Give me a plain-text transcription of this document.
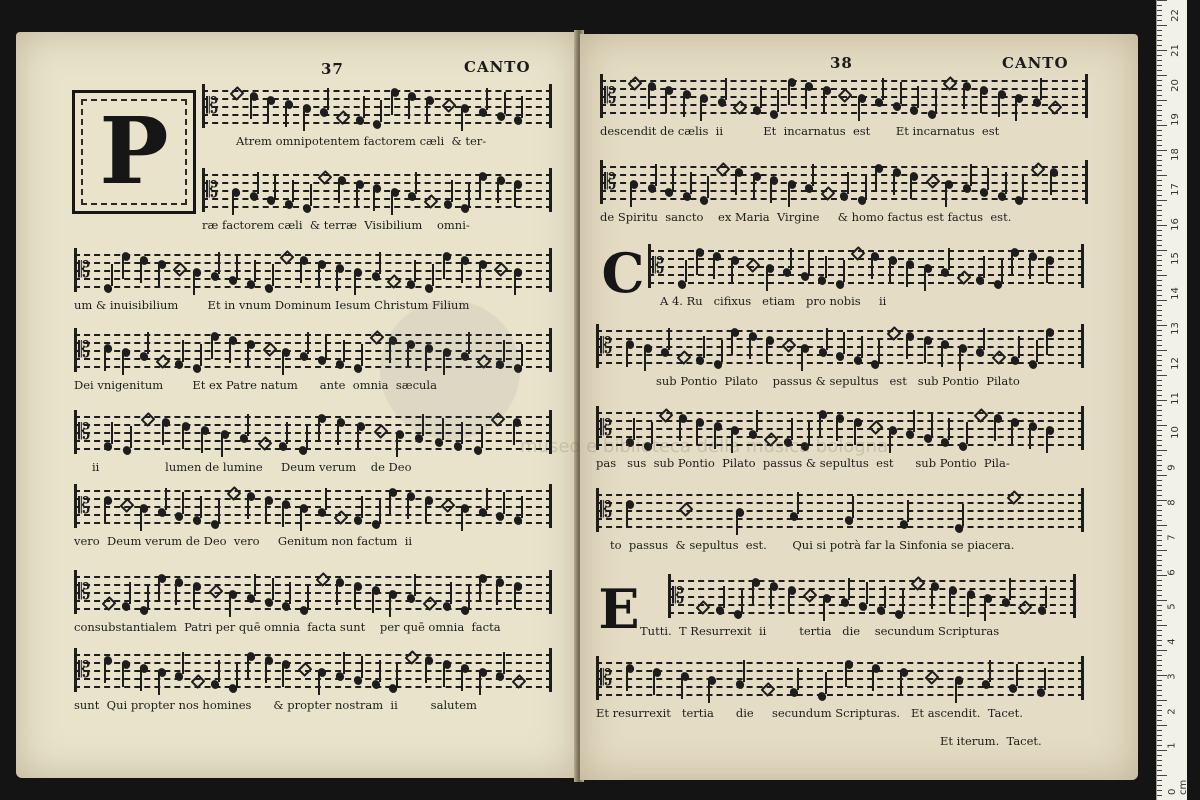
37	CANTO
P	𝄡
Atrem omnipotentem factorem cæli  & ter-
𝄡
ræ factorem cæli  & terræ  Visibilium    omni-
𝄡
um & inuisibilium        Et in vnum Dominum Iesum Christum Filium
𝄡
Dei vnigenitum        Et ex Patre natum      ante  omnia  sæcula
𝄡
ii                  lumen de lumine     Deum verum    de Deo
𝄡
vero  Deum verum de Deo  vero     Genitum non factum  ii
𝄡
consubstantialem  Patri per quē omnia  facta sunt    per quē omnia  facta
𝄡
sunt  Qui propter nos homines      & propter nostram  ii         salutem
38	CANTO
C
E
𝄡
descendit de cælis  ii           Et  incarnatus  est       Et incarnatus  est
𝄡
de Spiritu  sancto    ex Maria  Virgine     & homo factus est factus  est.
𝄡
A 4. Ru   cifixus   etiam   pro nobis     ii
𝄡
sub Pontio  Pilato    passus & sepultus   est   sub Pontio  Pilato
𝄡
pas   sus  sub Pontio  Pilato  passus & sepultus  est      sub Pontio  Pila-
𝄡
to  passus  & sepultus  est.       Qui si potrà far la Sinfonia se piacera.
𝄡
Tutti.  T Resurrexit  ii         tertia   die    secundum Scripturas
𝄡
Et resurrexit   tertia      die     secundum Scripturas.   Et ascendit.  Tacet.
Et iterum.  Tacet.
museo e biblioteca della musica bologna
22
21
20
19
18
17
16
15
14
13
12
11
10
9
8
7
6
5
4
3
2
1
0 cm
